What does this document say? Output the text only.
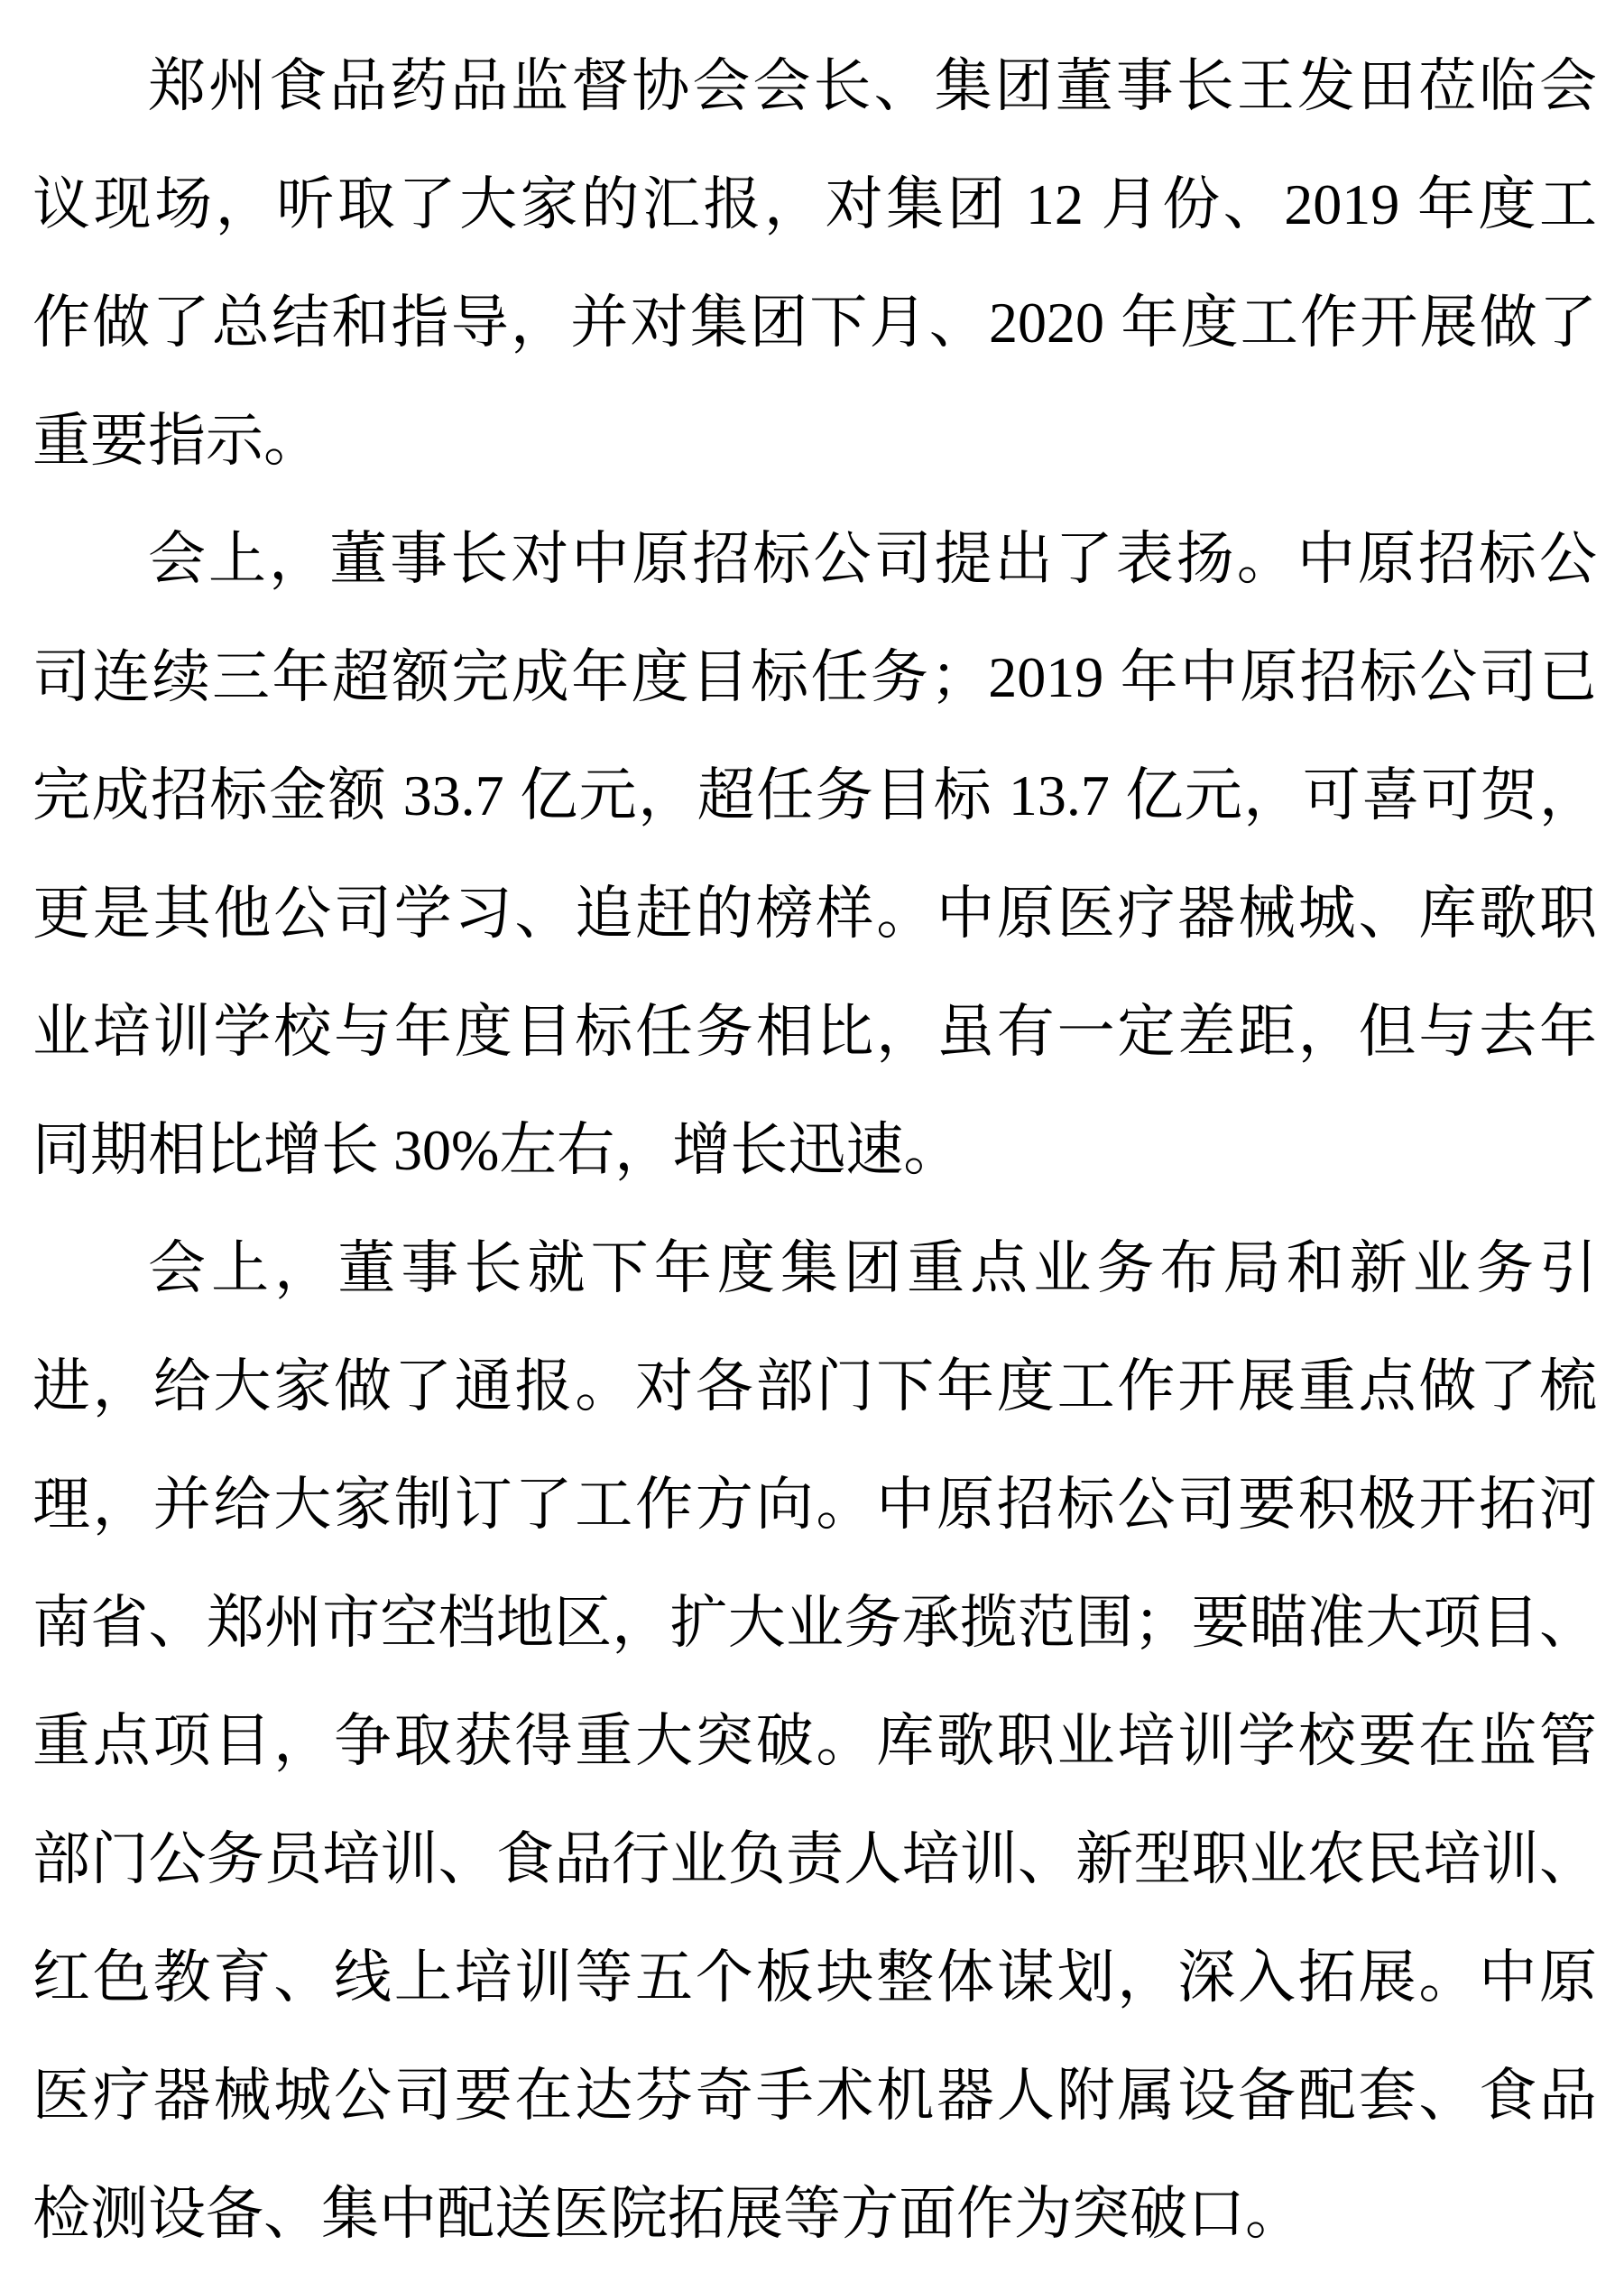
郑州食品药品监督协会会长、集团董事长王发田莅临会
议现场，听取了大家的汇报，对集团 12 月份、2019 年度工
作做了总结和指导，并对集团下月、2020 年度工作开展做了
重要指示。
会上，董事长对中原招标公司提出了表扬。中原招标公
司连续三年超额完成年度目标任务；2019 年中原招标公司已
完成招标金额 33.7 亿元，超任务目标 13.7 亿元，可喜可贺，
更是其他公司学习、追赶的榜样。中原医疗器械城、库歌职
业培训学校与年度目标任务相比，虽有一定差距，但与去年
同期相比增长 30%左右，增长迅速。
会上，董事长就下年度集团重点业务布局和新业务引
进，给大家做了通报。对各部门下年度工作开展重点做了梳
理，并给大家制订了工作方向。中原招标公司要积极开拓河
南省、郑州市空档地区，扩大业务承揽范围；要瞄准大项目、
重点项目，争取获得重大突破。库歌职业培训学校要在监管
部门公务员培训、食品行业负责人培训、新型职业农民培训、
红色教育、线上培训等五个板块整体谋划，深入拓展。中原
医疗器械城公司要在达芬奇手术机器人附属设备配套、食品
检测设备、集中配送医院拓展等方面作为突破口。
